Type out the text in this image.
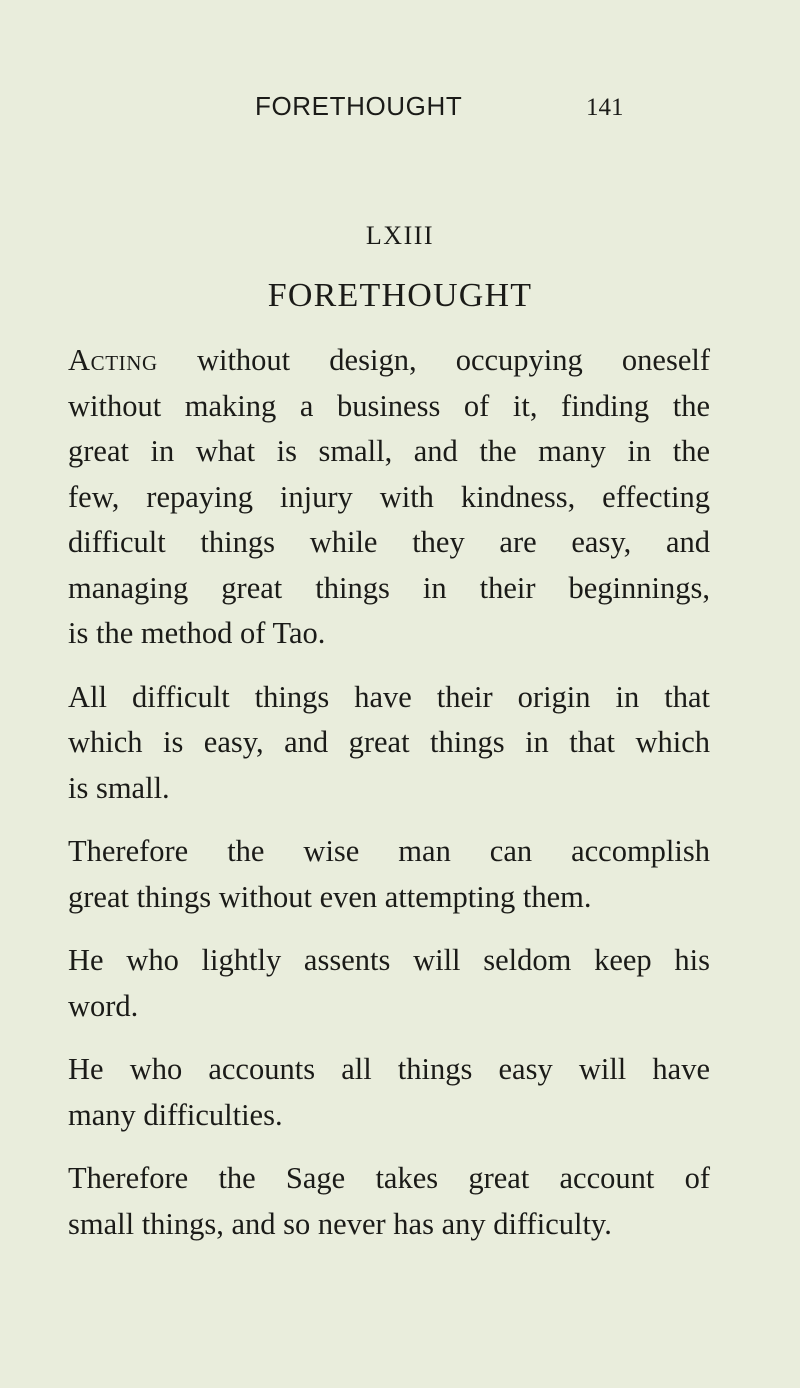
FORETHOUGHT	141
LXIII
FORETHOUGHT

Acting without design, occupying oneself
without making a business of it, finding the
great in what is small, and the many in the
few, repaying injury with kindness, effecting
difficult things while they are easy, and
managing great things in their beginnings,
is the method of Tao.

All difficult things have their origin in that
which is easy, and great things in that which
is small.

Therefore the wise man can accomplish
great things without even attempting them.

He who lightly assents will seldom keep his
word.

He who accounts all things easy will have
many difficulties.

Therefore the Sage takes great account of
small things, and so never has any difficulty.
